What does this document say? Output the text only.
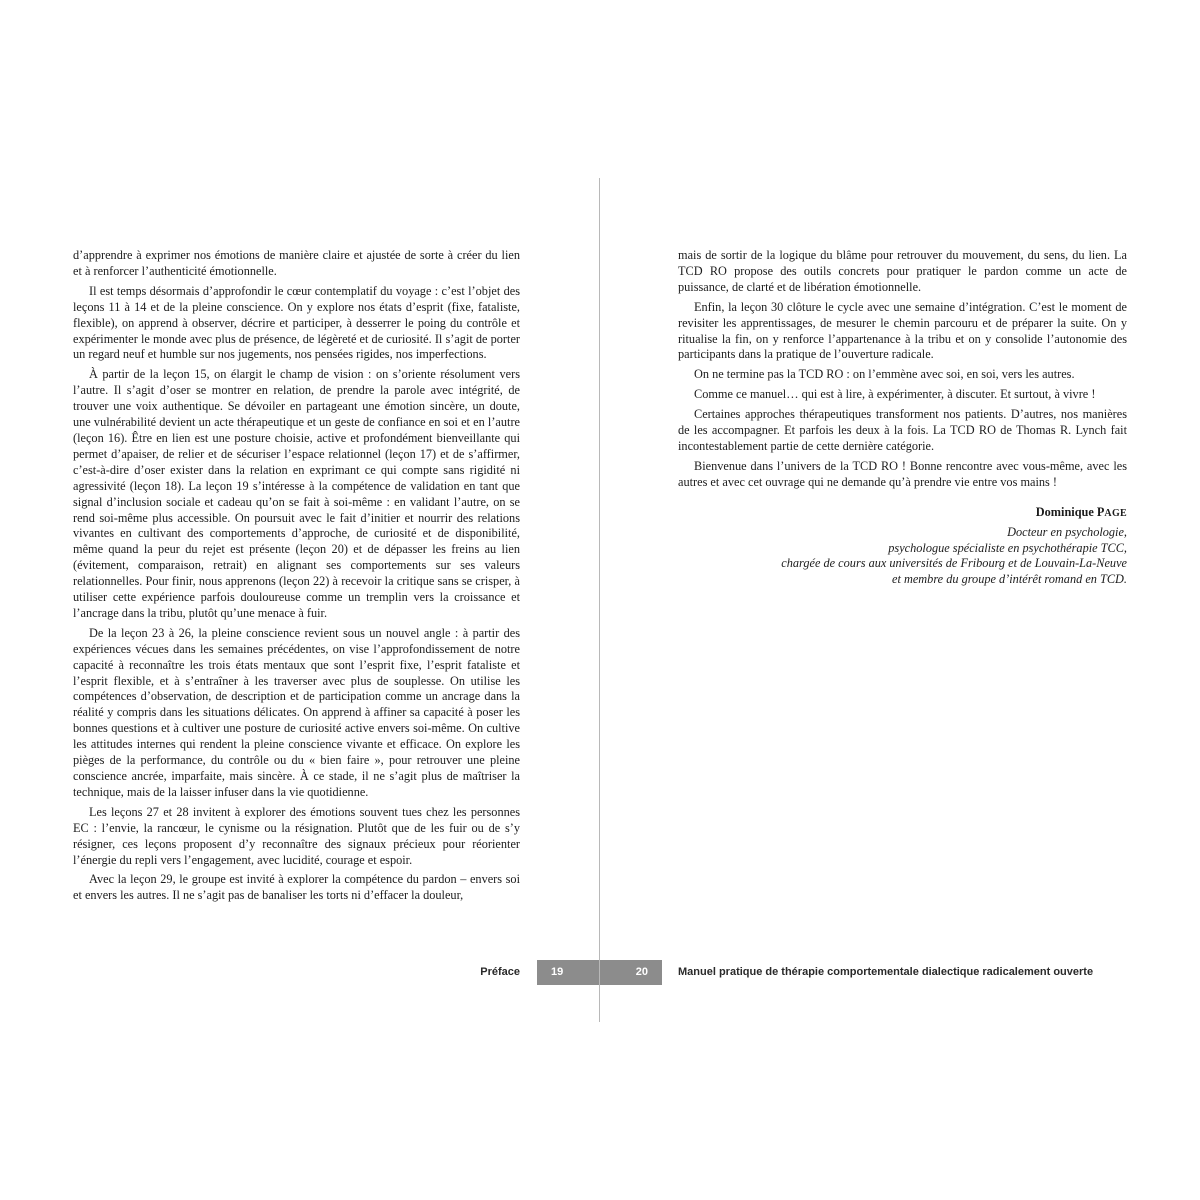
d’apprendre à exprimer nos émotions de manière claire et ajustée de sorte à créer du lien et à renforcer l’authenticité émotionnelle.

Il est temps désormais d’approfondir le cœur contemplatif du voyage : c’est l’objet des leçons 11 à 14 et de la pleine conscience. On y explore nos états d’esprit (fixe, fataliste, flexible), on apprend à observer, décrire et participer, à desserrer le poing du contrôle et expérimenter le monde avec plus de présence, de légèreté et de curiosité. Il s’agit de porter un regard neuf et humble sur nos jugements, nos pensées rigides, nos imperfections.

À partir de la leçon 15, on élargit le champ de vision : on s’oriente résolument vers l’autre. Il s’agit d’oser se montrer en relation, de prendre la parole avec intégrité, de trouver une voix authentique. Se dévoiler en partageant une émotion sincère, un doute, une vulnérabilité devient un acte thérapeutique et un geste de confiance en soi et en l’autre (leçon 16). Être en lien est une posture choisie, active et profondément bienveillante qui permet d’apaiser, de relier et de sécuriser l’espace relationnel (leçon 17) et de s’affirmer, c’est-à-dire d’oser exister dans la relation en exprimant ce qui compte sans rigidité ni agressivité (leçon 18). La leçon 19 s’intéresse à la compétence de validation en tant que signal d’inclusion sociale et cadeau qu’on se fait à soi-même : en validant l’autre, on se rend soi-même plus accessible. On poursuit avec le fait d’initier et nourrir des relations vivantes en cultivant des comportements d’approche, de curiosité et de disponibilité, même quand la peur du rejet est présente (leçon 20) et de dépasser les freins au lien (évitement, comparaison, retrait) en alignant ses comportements sur ses valeurs relationnelles. Pour finir, nous apprenons (leçon 22) à recevoir la critique sans se crisper, à utiliser cette expérience parfois douloureuse comme un tremplin vers la croissance et l’ancrage dans la tribu, plutôt qu’une menace à fuir.

De la leçon 23 à 26, la pleine conscience revient sous un nouvel angle : à partir des expériences vécues dans les semaines précédentes, on vise l’approfondissement de notre capacité à reconnaître les trois états mentaux que sont l’esprit fixe, l’esprit fataliste et l’esprit flexible, et à s’entraîner à les traverser avec plus de souplesse. On utilise les compétences d’observation, de description et de participation comme un ancrage dans la réalité y compris dans les situations délicates. On apprend à affiner sa capacité à poser les bonnes questions et à cultiver une posture de curiosité active envers soi-même. On cultive les attitudes internes qui rendent la pleine conscience vivante et efficace. On explore les pièges de la performance, du contrôle ou du « bien faire », pour retrouver une pleine conscience ancrée, imparfaite, mais sincère. À ce stade, il ne s’agit plus de maîtriser la technique, mais de la laisser infuser dans la vie quotidienne.

Les leçons 27 et 28 invitent à explorer des émotions souvent tues chez les personnes EC : l’envie, la rancœur, le cynisme ou la résignation. Plutôt que de les fuir ou de s’y résigner, ces leçons proposent d’y reconnaître des signaux précieux pour réorienter l’énergie du repli vers l’engagement, avec lucidité, courage et espoir.

Avec la leçon 29, le groupe est invité à explorer la compétence du pardon – envers soi et envers les autres. Il ne s’agit pas de banaliser les torts ni d’effacer la douleur,

mais de sortir de la logique du blâme pour retrouver du mouvement, du sens, du lien. La TCD RO propose des outils concrets pour pratiquer le pardon comme un acte de puissance, de clarté et de libération émotionnelle.

Enfin, la leçon 30 clôture le cycle avec une semaine d’intégration. C’est le moment de revisiter les apprentissages, de mesurer le chemin parcouru et de préparer la suite. On y ritualise la fin, on y renforce l’appartenance à la tribu et on y consolide l’autonomie des participants dans la pratique de l’ouverture radicale.

On ne termine pas la TCD RO : on l’emmène avec soi, en soi, vers les autres.

Comme ce manuel… qui est à lire, à expérimenter, à discuter. Et surtout, à vivre !

Certaines approches thérapeutiques transforment nos patients. D’autres, nos manières de les accompagner. Et parfois les deux à la fois. La TCD RO de Thomas R. Lynch fait incontestablement partie de cette dernière catégorie.

Bienvenue dans l’univers de la TCD RO ! Bonne rencontre avec vous-même, avec les autres et avec cet ouvrage qui ne demande qu’à prendre vie entre vos mains !

Dominique PAGE
Docteur en psychologie,
psychologue spécialiste en psychothérapie TCC,
chargée de cours aux universités de Fribourg et de Louvain-La-Neuve
et membre du groupe d’intérêt romand en TCD.
Préface	19	20	Manuel pratique de thérapie comportementale dialectique radicalement ouverte
